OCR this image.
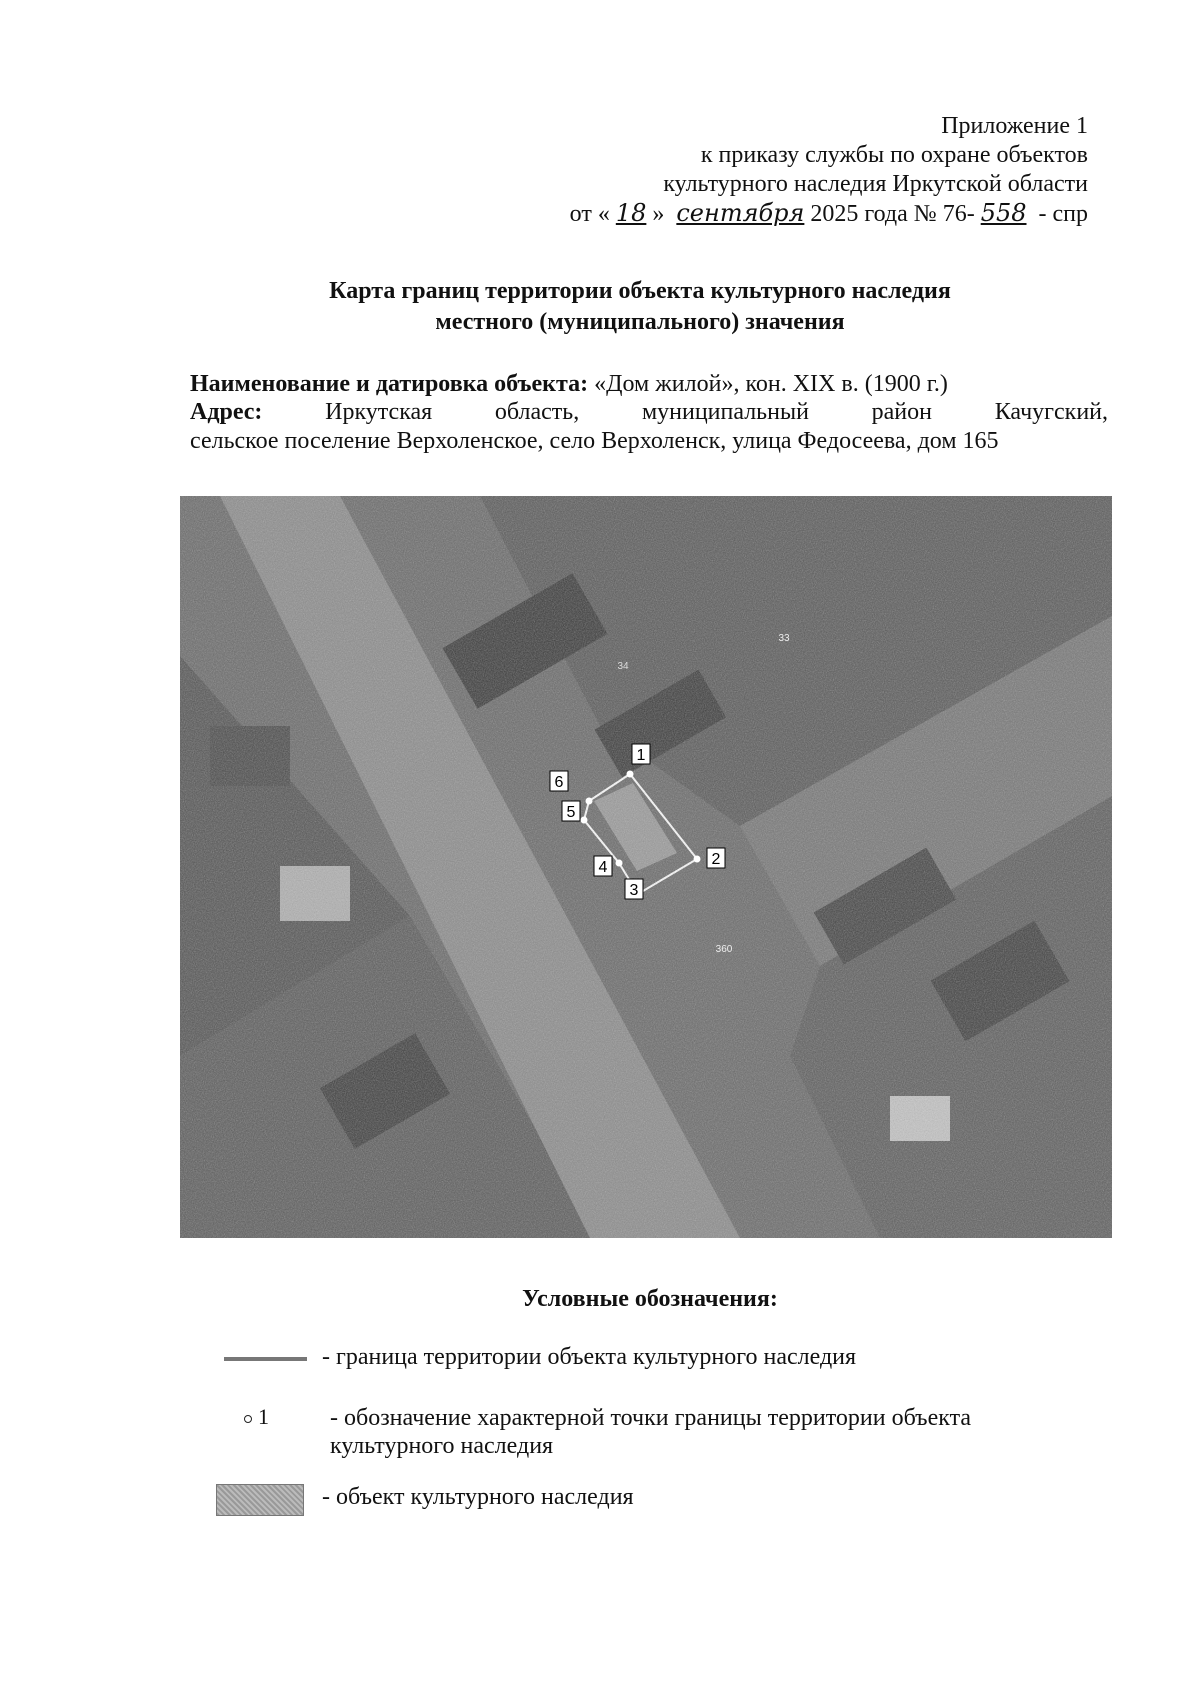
Приложение 1
к приказу службы по охране объектов
культурного наследия Иркутской области
от « 18 » сентября 2025 года № 76- 558 - спр
Карта границ территории объекта культурного наследия
местного (муниципального) значения
Наименование и датировка объекта: «Дом жилой», кон. XIX в. (1900 г.)
Адрес:	Иркутская	область,	муниципальный	район	Качугский,
сельское поселение Верхоленское, село Верхоленск, улица Федосеева, дом 165
1
2
3
4
5
6
34
360
33
Условные обозначения:
- граница территории объекта культурного наследия
1	- обозначение характерной точки границы территории объекта
культурного наследия
- объект культурного наследия
